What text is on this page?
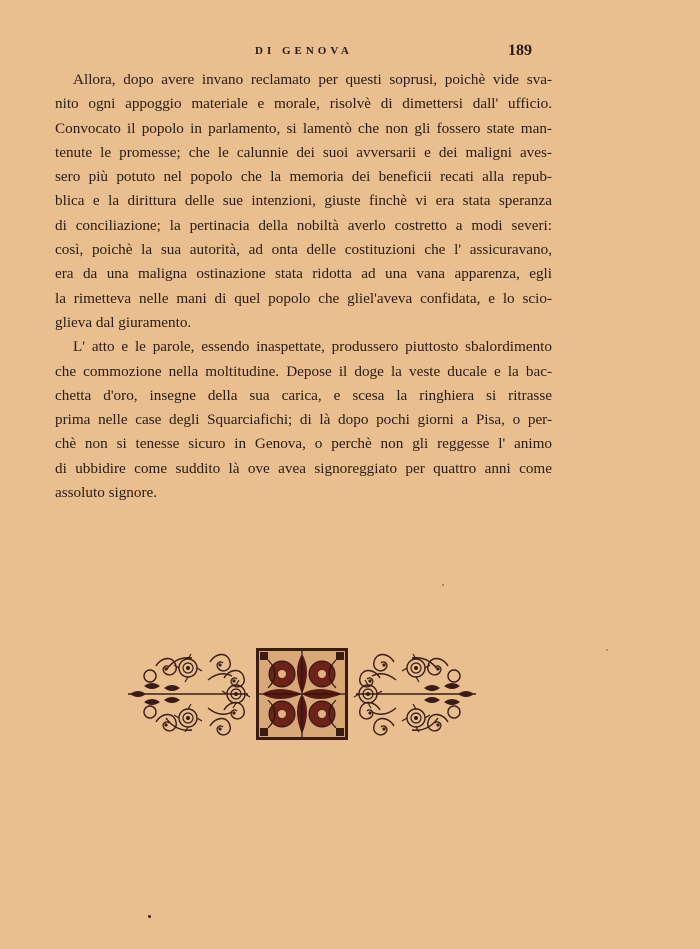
DI GENOVA	189
Allora, dopo avere invano reclamato per questi soprusi, poichè vide sva-
nito ogni appoggio materiale e morale, risolvè di dimettersi dall' ufficio.
Convocato il popolo in parlamento, si lamentò che non gli fossero state man-
tenute le promesse; che le calunnie dei suoi avversarii e dei maligni aves-
sero più potuto nel popolo che la memoria dei beneficii recati alla repub-
blica e la dirittura delle sue intenzioni, giuste finchè vi era stata speranza
di conciliazione; la pertinacia della nobiltà averlo costretto a modi severi:
così, poichè la sua autorità, ad onta delle costituzioni che l' assicuravano,
era da una maligna ostinazione stata ridotta ad una vana apparenza, egli
la rimetteva nelle mani di quel popolo che gliel'aveva confidata, e lo scio-
glieva dal giuramento.
L' atto e le parole, essendo inaspettate, produssero piuttosto sbalordimento
che commozione nella moltitudine. Depose il doge la veste ducale e la bac-
chetta d'oro, insegne della sua carica, e scesa la ringhiera si ritrasse
prima nelle case degli Squarciafichi; di là dopo pochi giorni a Pisa, o per-
chè non si tenesse sicuro in Genova, o perchè non gli reggesse l' animo
di ubbidire come suddito là ove avea signoreggiato per quattro anni come
assoluto signore.
